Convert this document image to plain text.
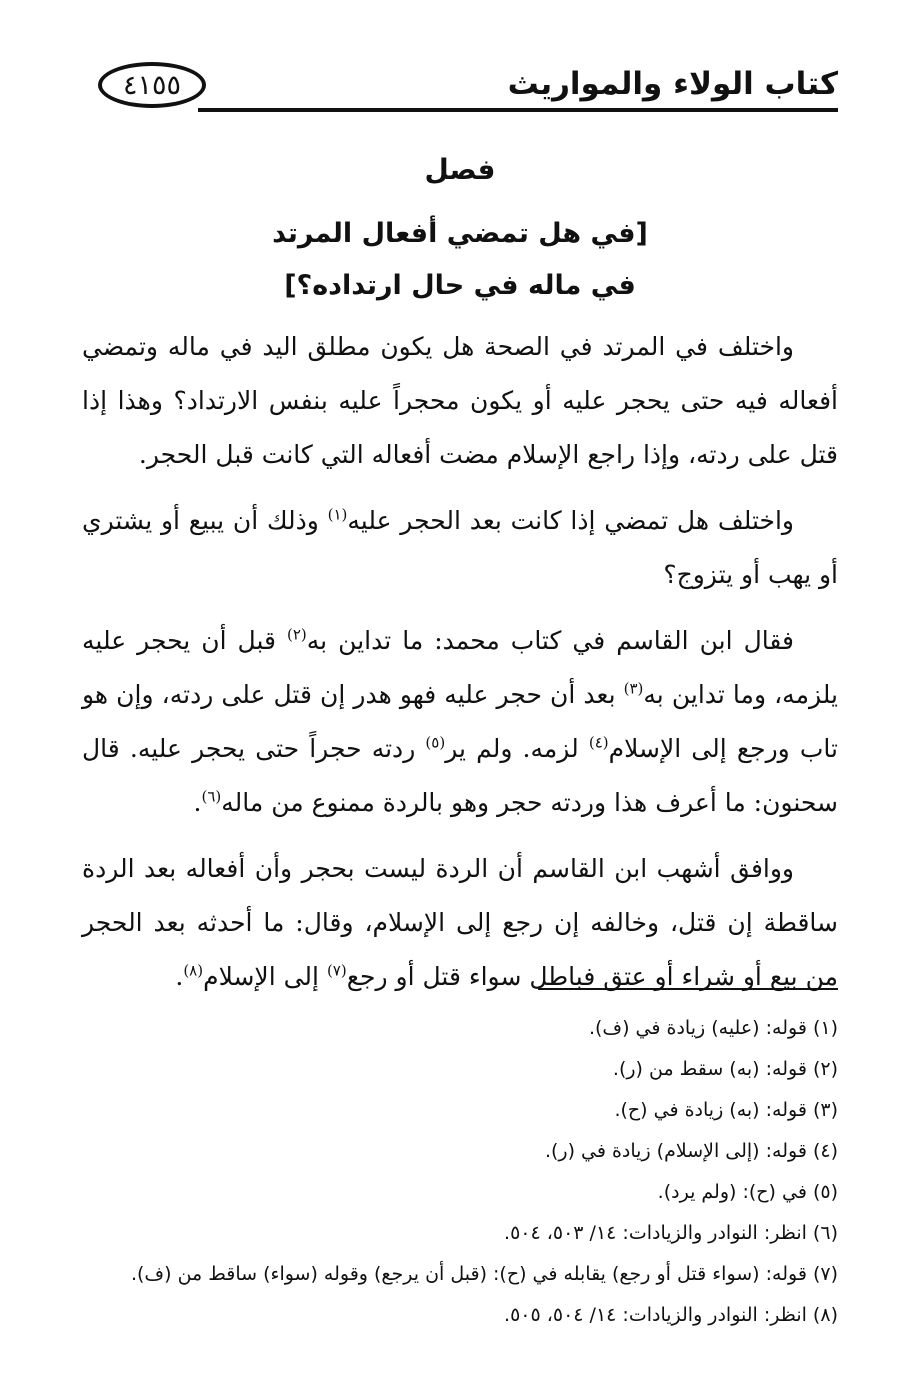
كتاب الولاء والمواريث
٤١٥٥
فصل
[في هل تمضي أفعال المرتد
في ماله في حال ارتداده؟]

واختلف في المرتد في الصحة هل يكون مطلق اليد في ماله وتمضي أفعاله فيه حتى يحجر عليه أو يكون محجراً عليه بنفس الارتداد؟ وهذا إذا قتل على ردته، وإذا راجع الإسلام مضت أفعاله التي كانت قبل الحجر.

واختلف هل تمضي إذا كانت بعد الحجر عليه$^{(١)}$ وذلك أن يبيع أو يشتري أو يهب أو يتزوج؟

فقال ابن القاسم في كتاب محمد: ما تداين به$^{(٢)}$ قبل أن يحجر عليه يلزمه، وما تداين به$^{(٣)}$ بعد أن حجر عليه فهو هدر إن قتل على ردته، وإن هو تاب ورجع إلى الإسلام$^{(٤)}$ لزمه. ولم ير$^{(٥)}$ ردته حجراً حتى يحجر عليه. قال سحنون: ما أعرف هذا وردته حجر وهو بالردة ممنوع من ماله$^{(٦)}$.

ووافق أشهب ابن القاسم أن الردة ليست بحجر وأن أفعاله بعد الردة ساقطة إن قتل، وخالفه إن رجع إلى الإسلام، وقال: ما أحدثه بعد الحجر من بيع أو شراء أو عتق فباطل سواء قتل أو رجع$^{(٧)}$ إلى الإسلام$^{(٨)}$.

(١) قوله: (عليه) زيادة في (ف).
(٢) قوله: (به) سقط من (ر).
(٣) قوله: (به) زيادة في (ح).
(٤) قوله: (إلى الإسلام) زيادة في (ر).
(٥) في (ح): (ولم يرد).
(٦) انظر: النوادر والزيادات: ١٤/ ٥٠٣، ٥٠٤.
(٧) قوله: (سواء قتل أو رجع) يقابله في (ح): (قبل أن يرجع) وقوله (سواء) ساقط من (ف).
(٨) انظر: النوادر والزيادات: ١٤/ ٥٠٤، ٥٠٥.
